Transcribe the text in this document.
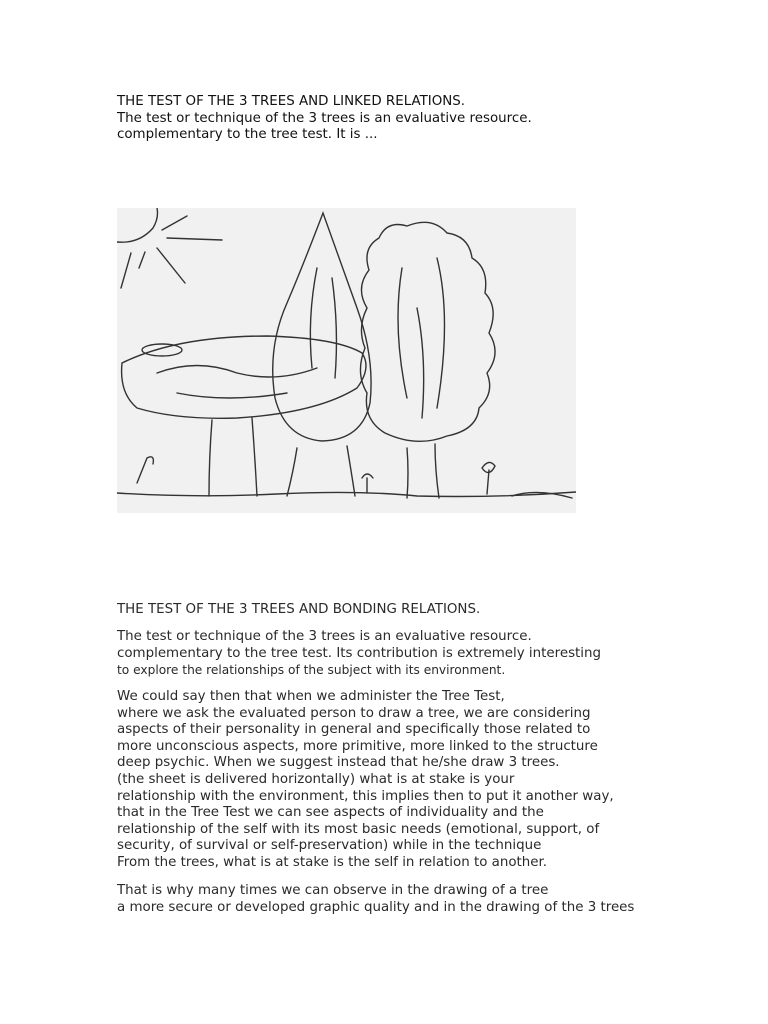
THE TEST OF THE 3 TREES AND LINKED RELATIONS.
The test or technique of the 3 trees is an evaluative resource.
complementary to the tree test. It is ...
THE TEST OF THE 3 TREES AND BONDING RELATIONS.
The test or technique of the 3 trees is an evaluative resource.
complementary to the tree test. Its contribution is extremely interesting
to explore the relationships of the subject with its environment.
We could say then that when we administer the Tree Test,
where we ask the evaluated person to draw a tree, we are considering
aspects of their personality in general and specifically those related to
more unconscious aspects, more primitive, more linked to the structure
deep psychic. When we suggest instead that he/she draw 3 trees.
(the sheet is delivered horizontally) what is at stake is your
relationship with the environment, this implies then to put it another way,
that in the Tree Test we can see aspects of individuality and the
relationship of the self with its most basic needs (emotional, support, of
security, of survival or self-preservation) while in the technique
From the trees, what is at stake is the self in relation to another.
That is why many times we can observe in the drawing of a tree
a more secure or developed graphic quality and in the drawing of the 3 trees
